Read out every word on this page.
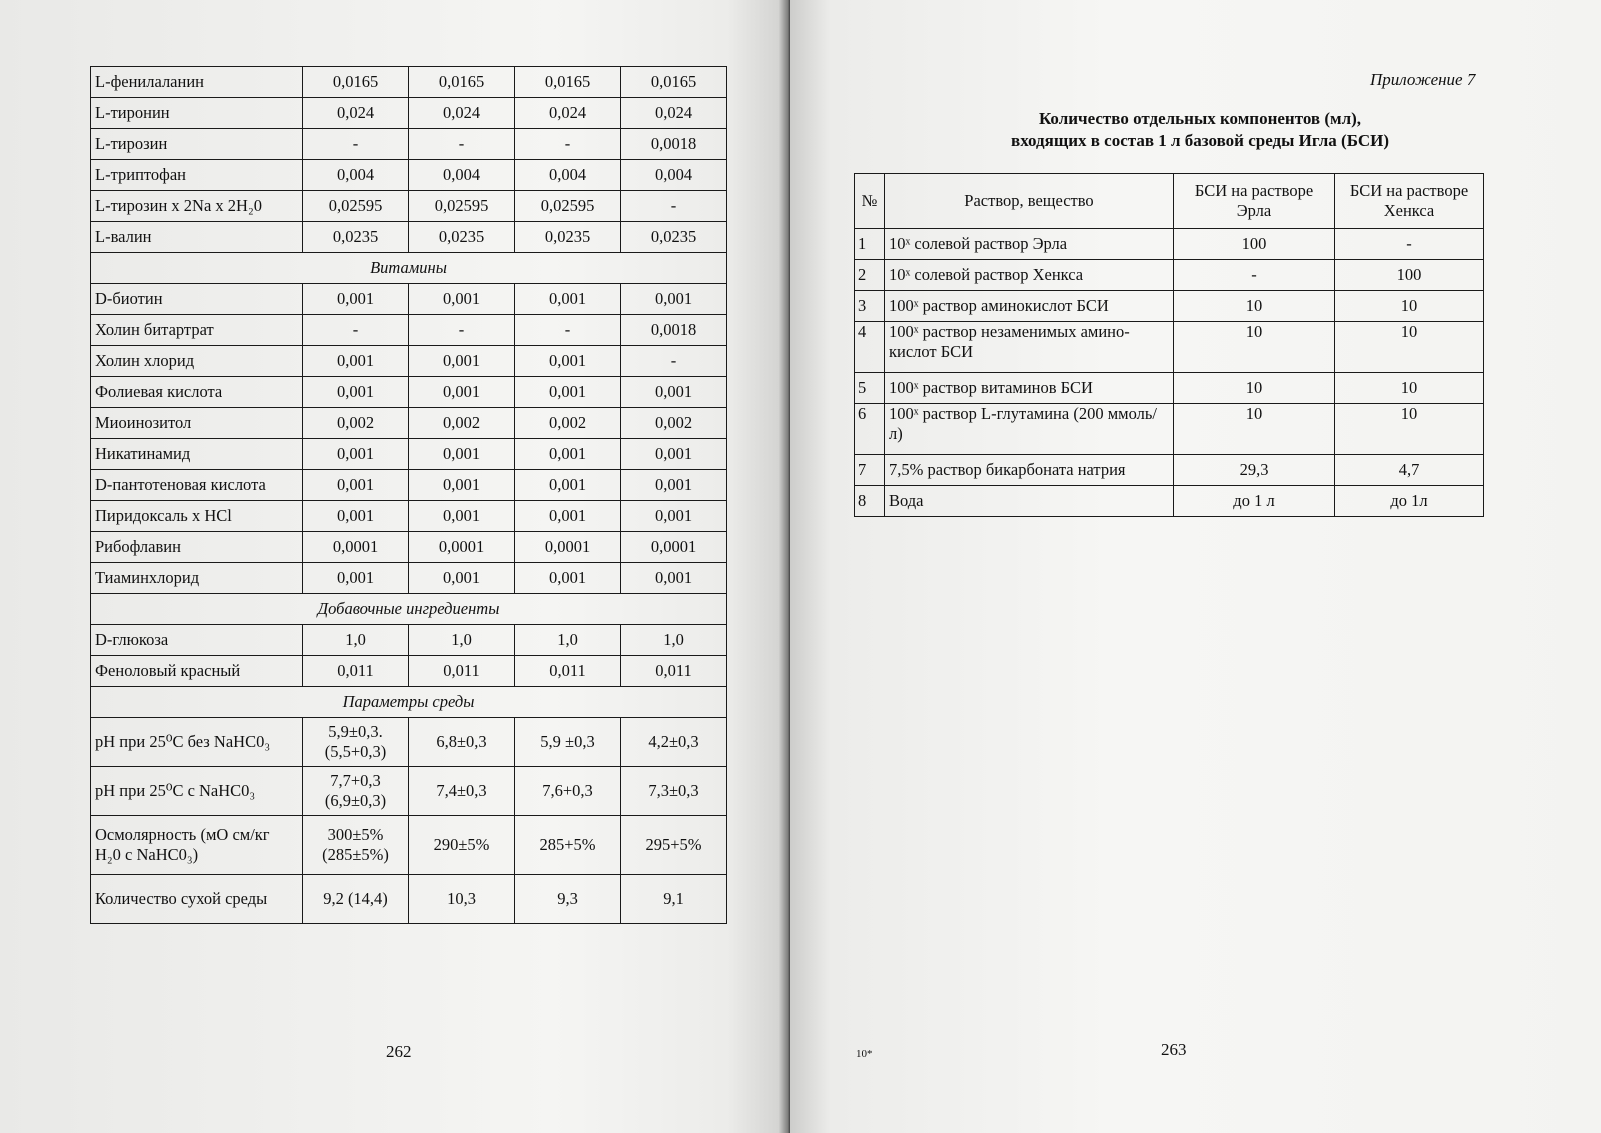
L-фенилаланин	0,0165	0,0165	0,0165	0,0165
L-тиронин	0,024	0,024	0,024	0,024
L-тирозин	-	-	-	0,0018
L-триптофан	0,004	0,004	0,004	0,004
L-тирозин х 2Na х 2H₂0	0,02595	0,02595	0,02595	-
L-валин	0,0235	0,0235	0,0235	0,0235
Витамины				
D-биотин	0,001	0,001	0,001	0,001
Холин битартрат	-	-	-	0,0018
Холин хлорид	0,001	0,001	0,001	-
Фолиевая кислота	0,001	0,001	0,001	0,001
Миоинозитол	0,002	0,002	0,002	0,002
Никатинамид	0,001	0,001	0,001	0,001
D-пантотеновая кислота	0,001	0,001	0,001	0,001
Пиридоксаль х HCl	0,001	0,001	0,001	0,001
Рибофлавин	0,0001	0,0001	0,0001	0,0001
Тиаминхлорид	0,001	0,001	0,001	0,001
Добавочные ингредиенты				
D-глюкоза	1,0	1,0	1,0	1,0
Феноловый красный	0,011	0,011	0,011	0,011
Параметры среды				
pH при 25⁰C без NaHC0₃	5,9±0,3. (5,5+0,3)	6,8±0,3	5,9 ±0,3	4,2±0,3
pH при 25⁰C с NaHC0₃	7,7+0,3 (6,9±0,3)	7,4±0,3	7,6+0,3	7,3±0,3
Осмолярность (мО см/кг H₂0 с NaHC0₃)	300±5% (285±5%)	290±5%	285+5%	295+5%
Количество сухой среды	9,2 (14,4)	10,3	9,3	9,1
262
Приложение 7
Количество отдельных компонентов (мл),
входящих в состав 1 л базовой среды Игла (БСИ)
№	Раствор, вещество	БСИ на растворе Эрла	БСИ на растворе Хенкса
1	10ˣ солевой раствор Эрла	100	-
2	10ˣ солевой раствор Хенкса	-	100
3	100ˣ раствор аминокислот БСИ	10	10
4	100ˣ раствор незаменимых амино-кислот БСИ	10	10
5	100ˣ раствор витаминов БСИ	10	10
6	100ˣ раствор L-глутамина (200 ммоль/л)	10	10
7	7,5% раствор бикарбоната натрия	29,3	4,7
8	Вода	до 1 л	до 1л
10*	263
